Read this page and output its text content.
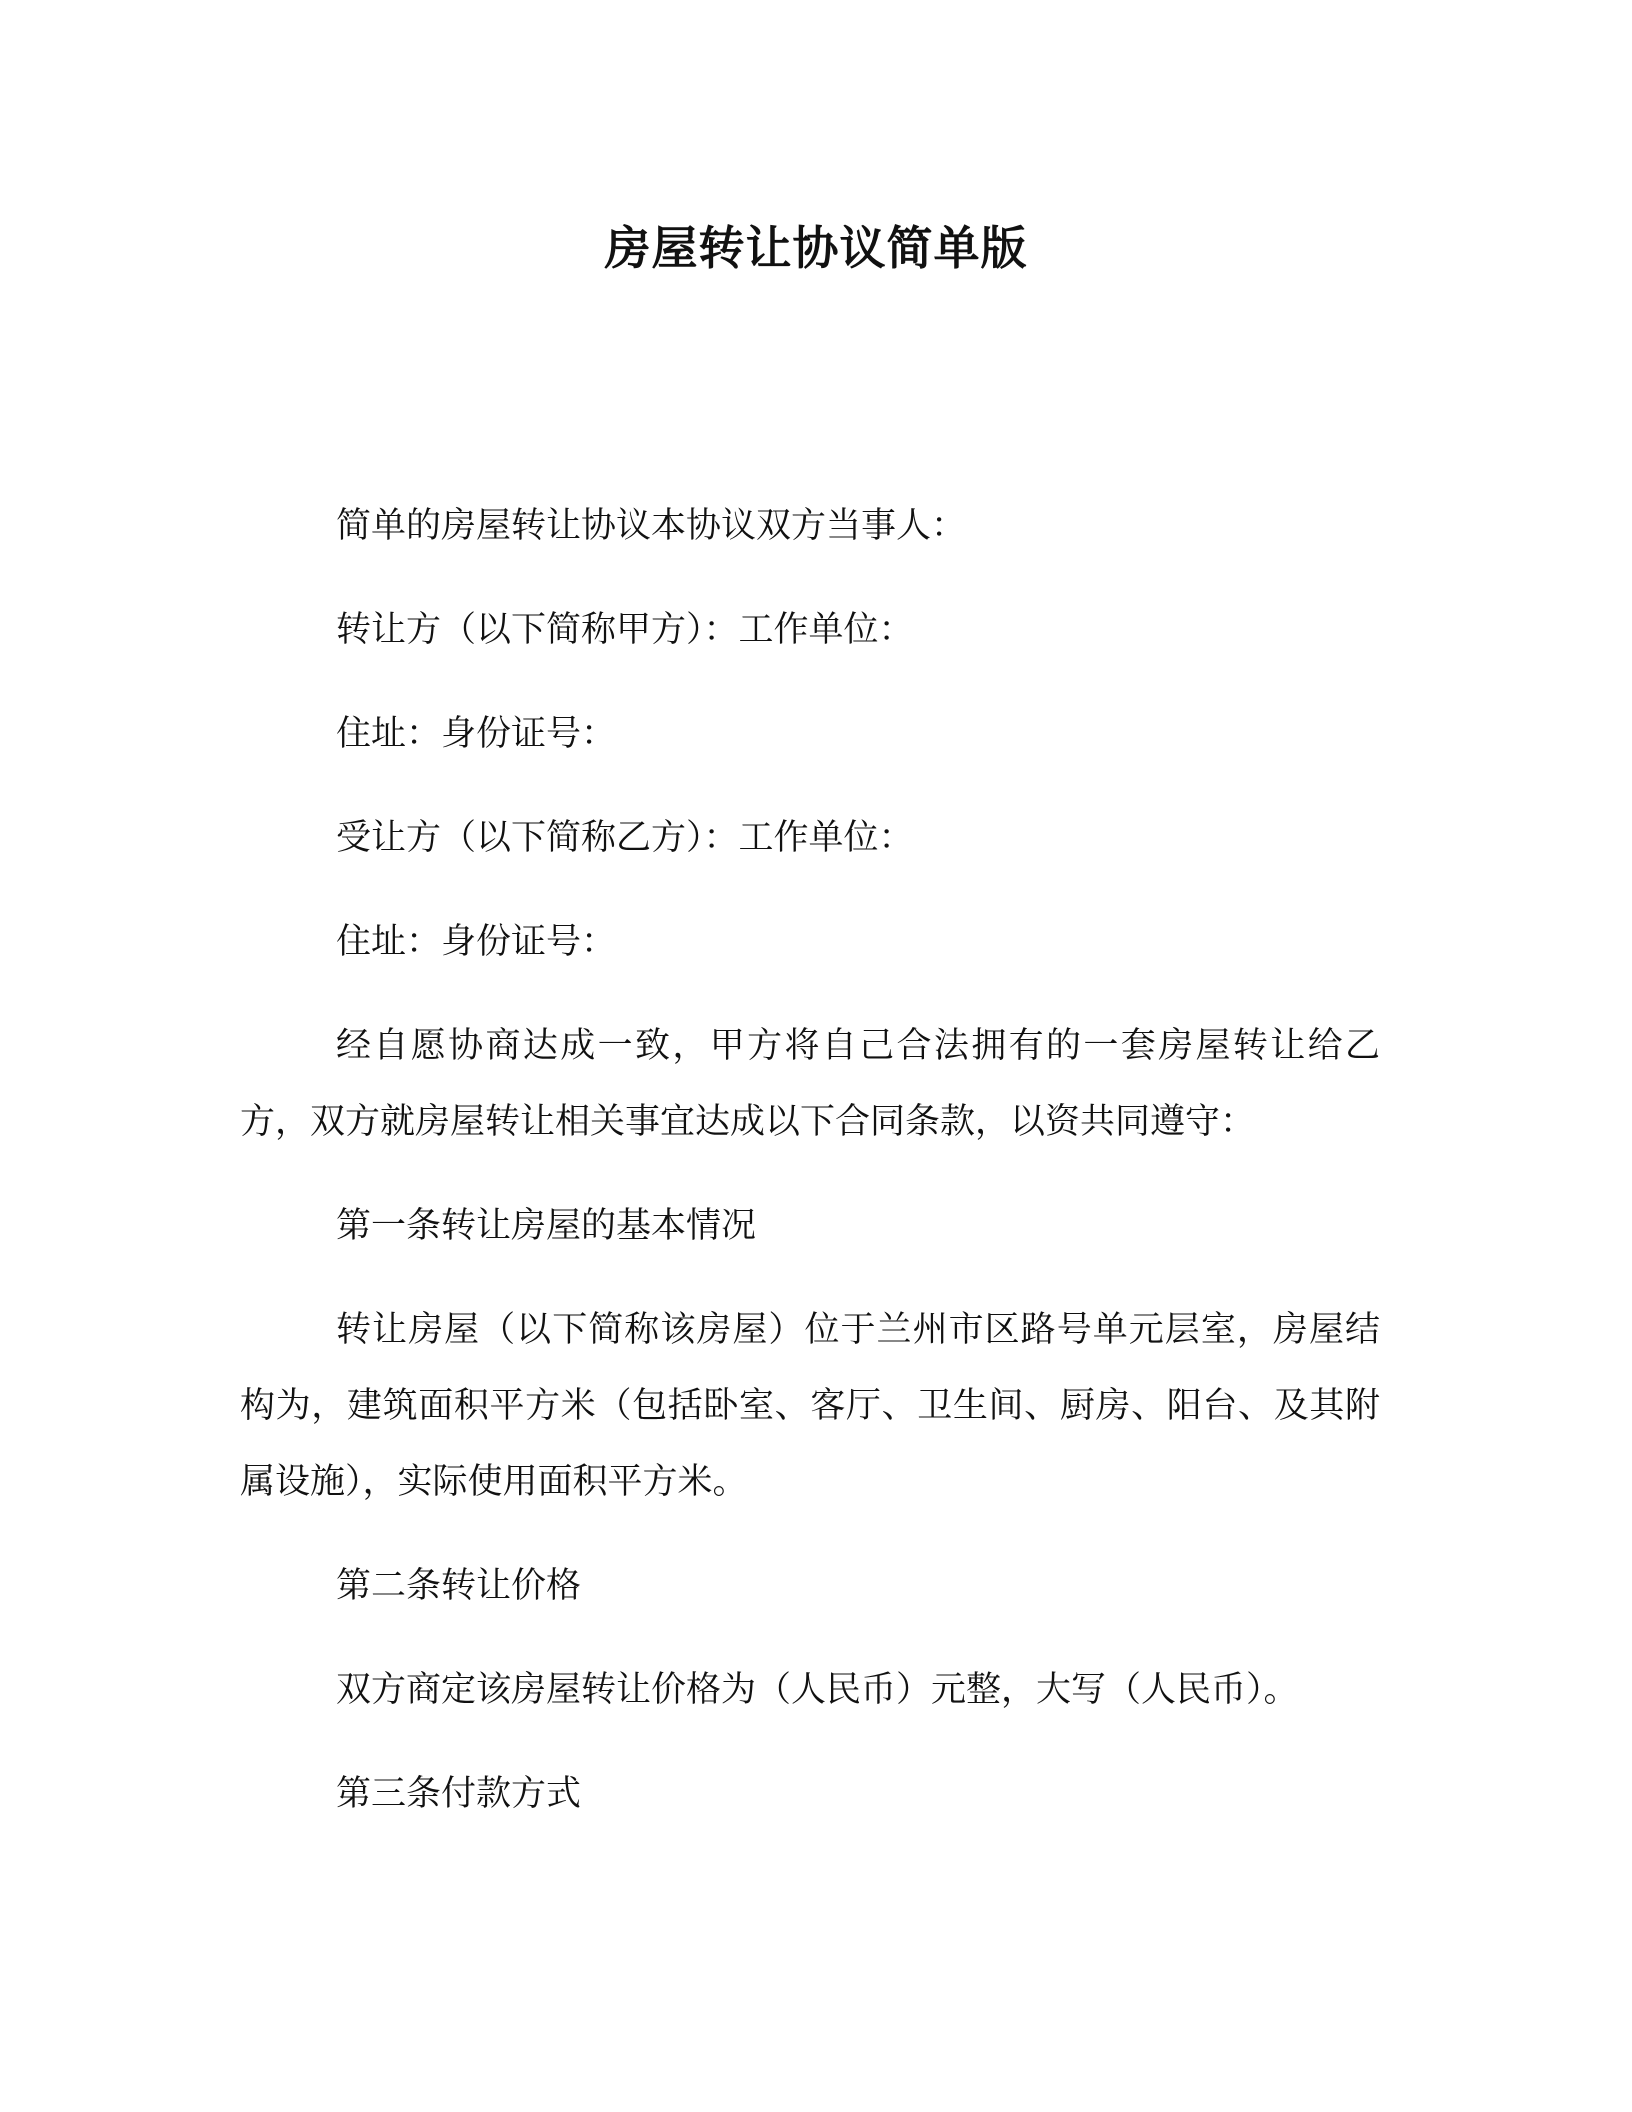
房屋转让协议简单版

简单的房屋转让协议本协议双方当事人：

转让方（以下简称甲方）：工作单位：

住址：身份证号：

受让方（以下简称乙方）：工作单位：

住址：身份证号：

经自愿协商达成一致，甲方将自己合法拥有的一套房屋转让给乙方，双方就房屋转让相关事宜达成以下合同条款，以资共同遵守：

第一条转让房屋的基本情况

转让房屋（以下简称该房屋）位于兰州市区路号单元层室，房屋结构为，建筑面积平方米（包括卧室、客厅、卫生间、厨房、阳台、及其附属设施），实际使用面积平方米。

第二条转让价格

双方商定该房屋转让价格为（人民币）元整，大写（人民币）。

第三条付款方式
